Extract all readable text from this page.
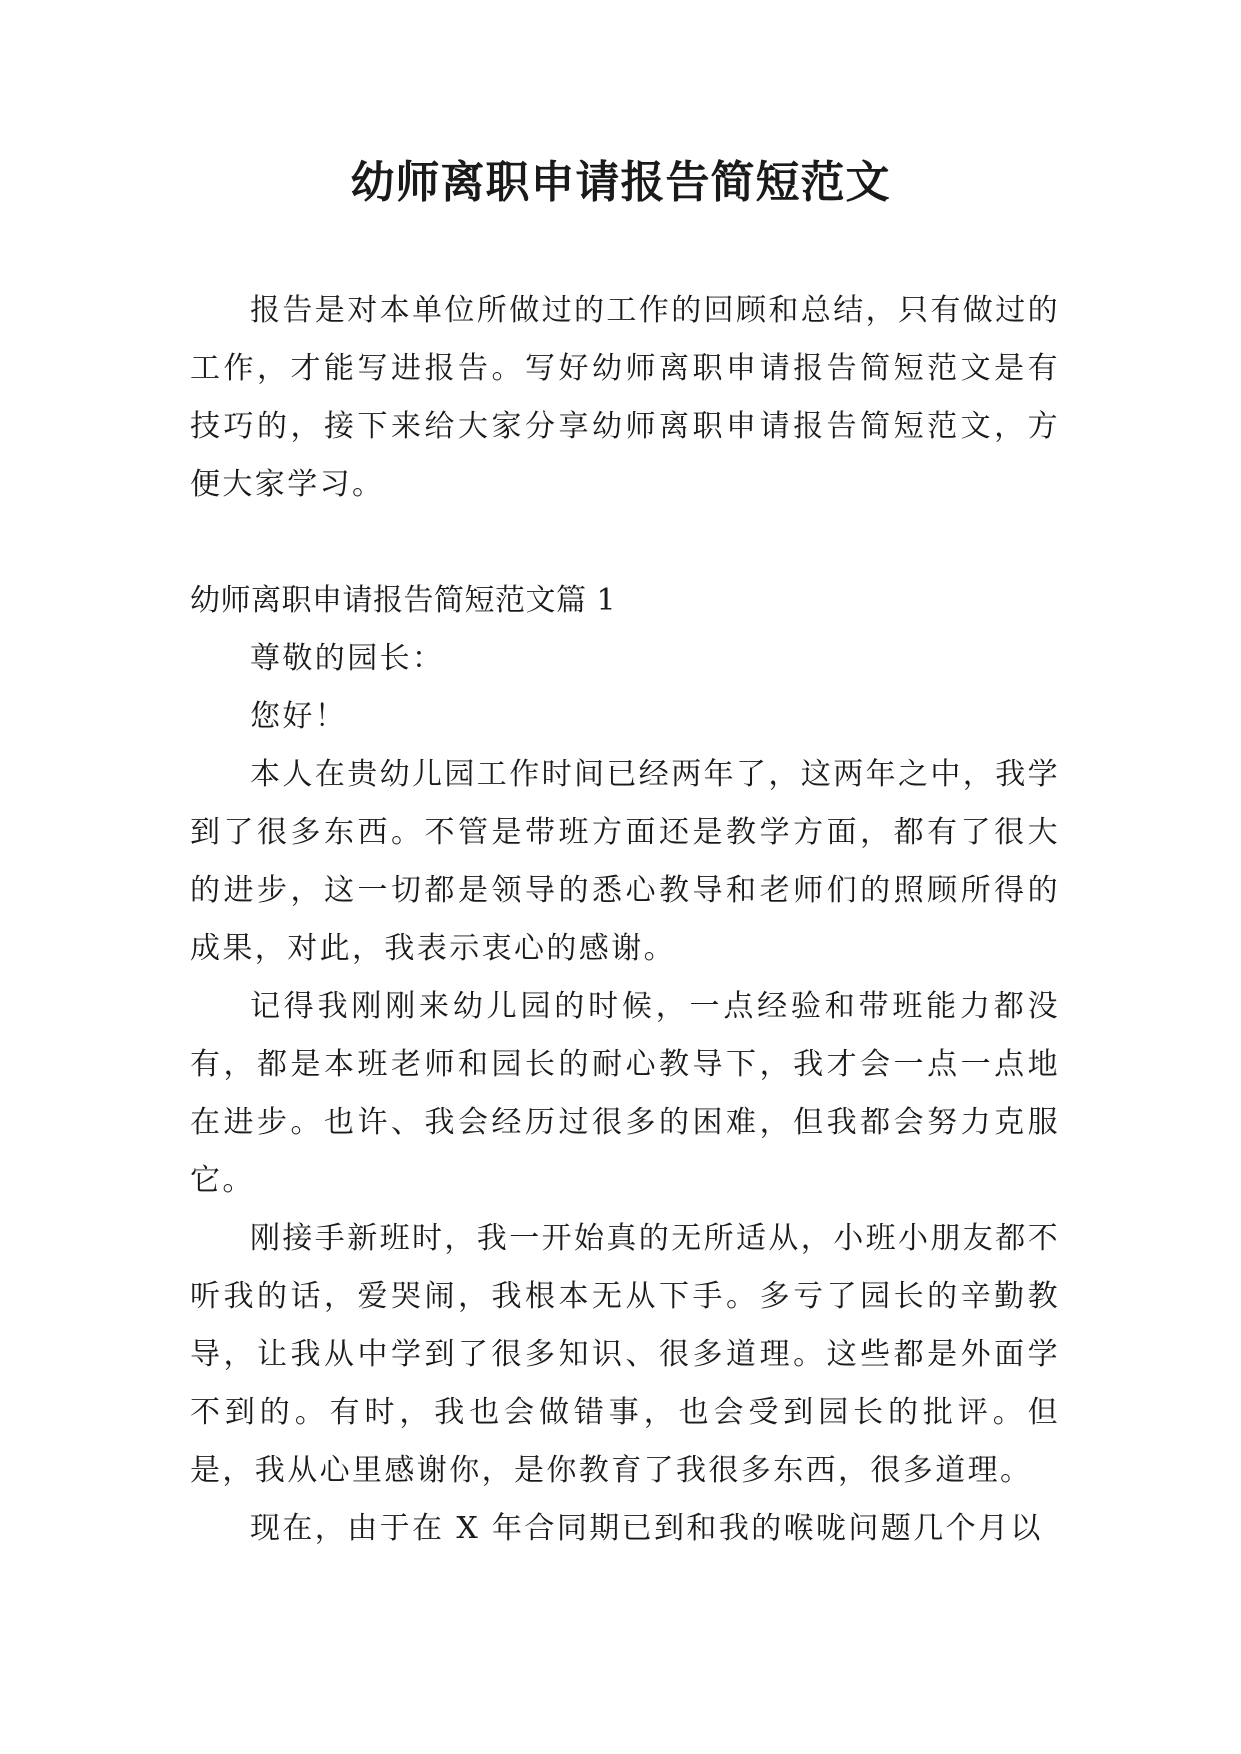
幼师离职申请报告简短范文

报告是对本单位所做过的工作的回顾和总结，只有做过的工作，才能写进报告。写好幼师离职申请报告简短范文是有技巧的，接下来给大家分享幼师离职申请报告简短范文，方便大家学习。

幼师离职申请报告简短范文篇 1

尊敬的园长：

您好！

本人在贵幼儿园工作时间已经两年了，这两年之中，我学到了很多东西。不管是带班方面还是教学方面，都有了很大的进步，这一切都是领导的悉心教导和老师们的照顾所得的成果，对此，我表示衷心的感谢。

记得我刚刚来幼儿园的时候，一点经验和带班能力都没有，都是本班老师和园长的耐心教导下，我才会一点一点地在进步。也许、我会经历过很多的困难，但我都会努力克服它。

刚接手新班时，我一开始真的无所适从，小班小朋友都不听我的话，爱哭闹，我根本无从下手。多亏了园长的辛勤教导，让我从中学到了很多知识、很多道理。这些都是外面学不到的。有时，我也会做错事，也会受到园长的批评。但是，我从心里感谢你，是你教育了我很多东西，很多道理。

现在，由于在 X 年合同期已到和我的喉咙问题几个月以
